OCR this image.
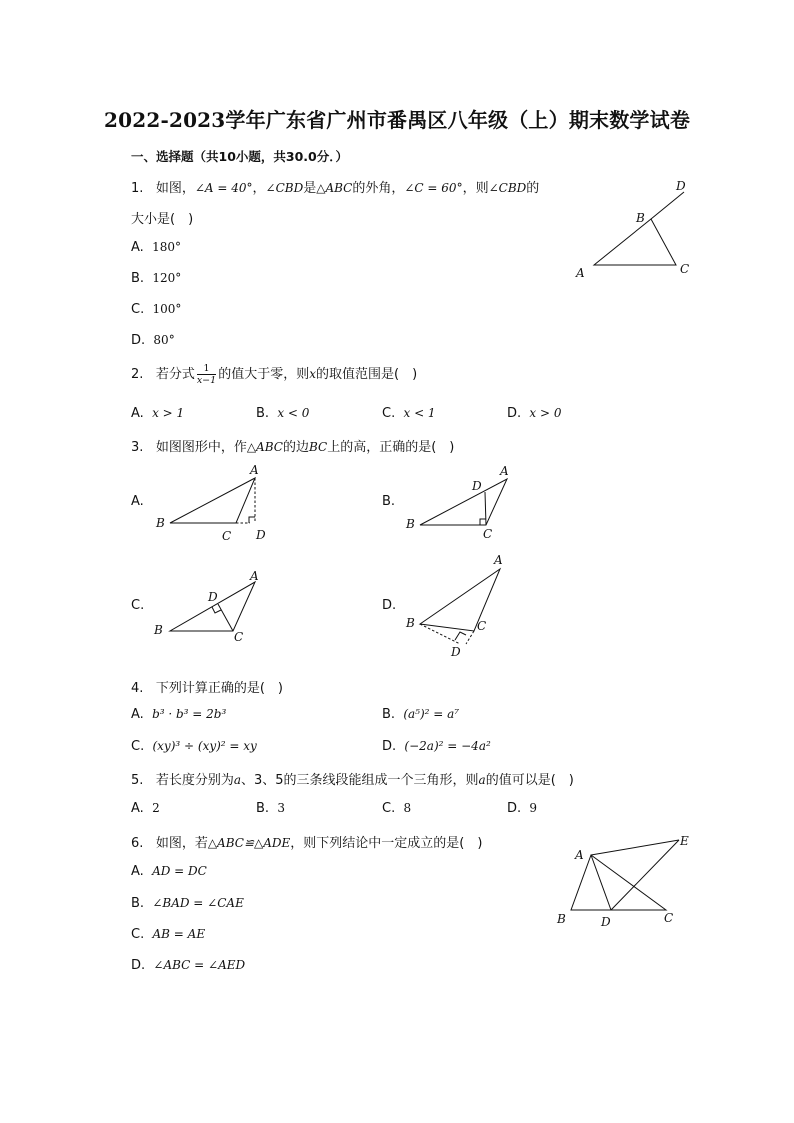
2022-2023学年广东省广州市番禺区八年级（上）期末数学试卷
一、选择题（共10小题，共30.0分．）
1. 如图，∠A = 40°，∠CBD是△ABC的外角，∠C = 60°，则∠CBD的
大小是(　)
A. 180°
B. 120°
C. 100°
D. 80°
A
B
C
D
2. 若分式 $\frac{1}{x-1}$ 的值大于零，则x的取值范围是(　)
A. x > 1	B. x < 0	C. x < 1	D. x > 0
3. 如图图形中，作△ABC的边BC上的高，正确的是(　)
A.	B.
C.	D.
B
C D
A
B
C
D
A
B	C
D
A
B	C
D
A
4. 下列计算正确的是(　)
A. b³ · b³ = 2b³	B. (a⁵)² = a⁷
C. (xy)³ ÷ (xy)² = xy	D. (−2a)² = −4a²
5. 若长度分别为a、3、5的三条线段能组成一个三角形，则a的值可以是(　)
A. 2	B. 3	C. 8	D. 9
6. 如图，若△ABC≌△ADE，则下列结论中一定成立的是(　)
A. AD = DC
B. ∠BAD = ∠CAE
C. AB = AE
D. ∠ABC = ∠AED
A
B	D	C
E
